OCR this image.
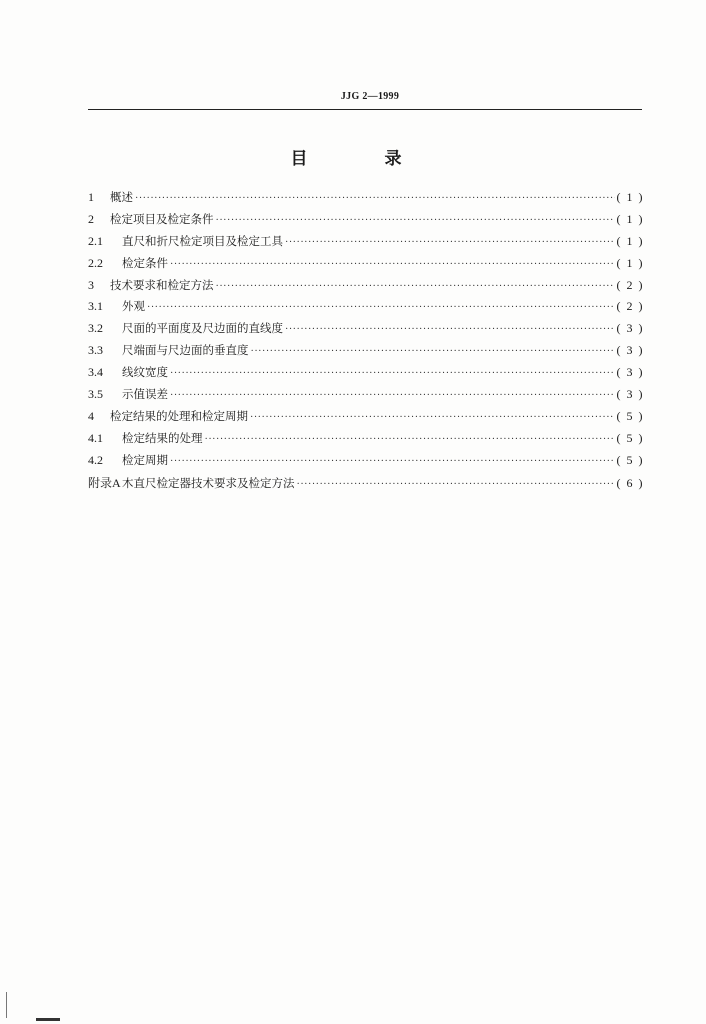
JJG 2—1999
目　录
1	概述 ·····	( 1 )
2	检定项目及检定条件 ·····	( 1 )
2.1	直尺和折尺检定项目及检定工具 ·····	( 1 )
2.2	检定条件 ·····	( 1 )
3	技术要求和检定方法 ·····	( 2 )
3.1	外观 ·····	( 2 )
3.2	尺面的平面度及尺边面的直线度 ·····	( 3 )
3.3	尺端面与尺边面的垂直度 ·····	( 3 )
3.4	线纹宽度 ·····	( 3 )
3.5	示值误差 ·····	( 3 )
4	检定结果的处理和检定周期 ·····	( 5 )
4.1	检定结果的处理 ·····	( 5 )
4.2	检定周期 ·····	( 5 )
附录A 木直尺检定器技术要求及检定方法 ·····	( 6 )
